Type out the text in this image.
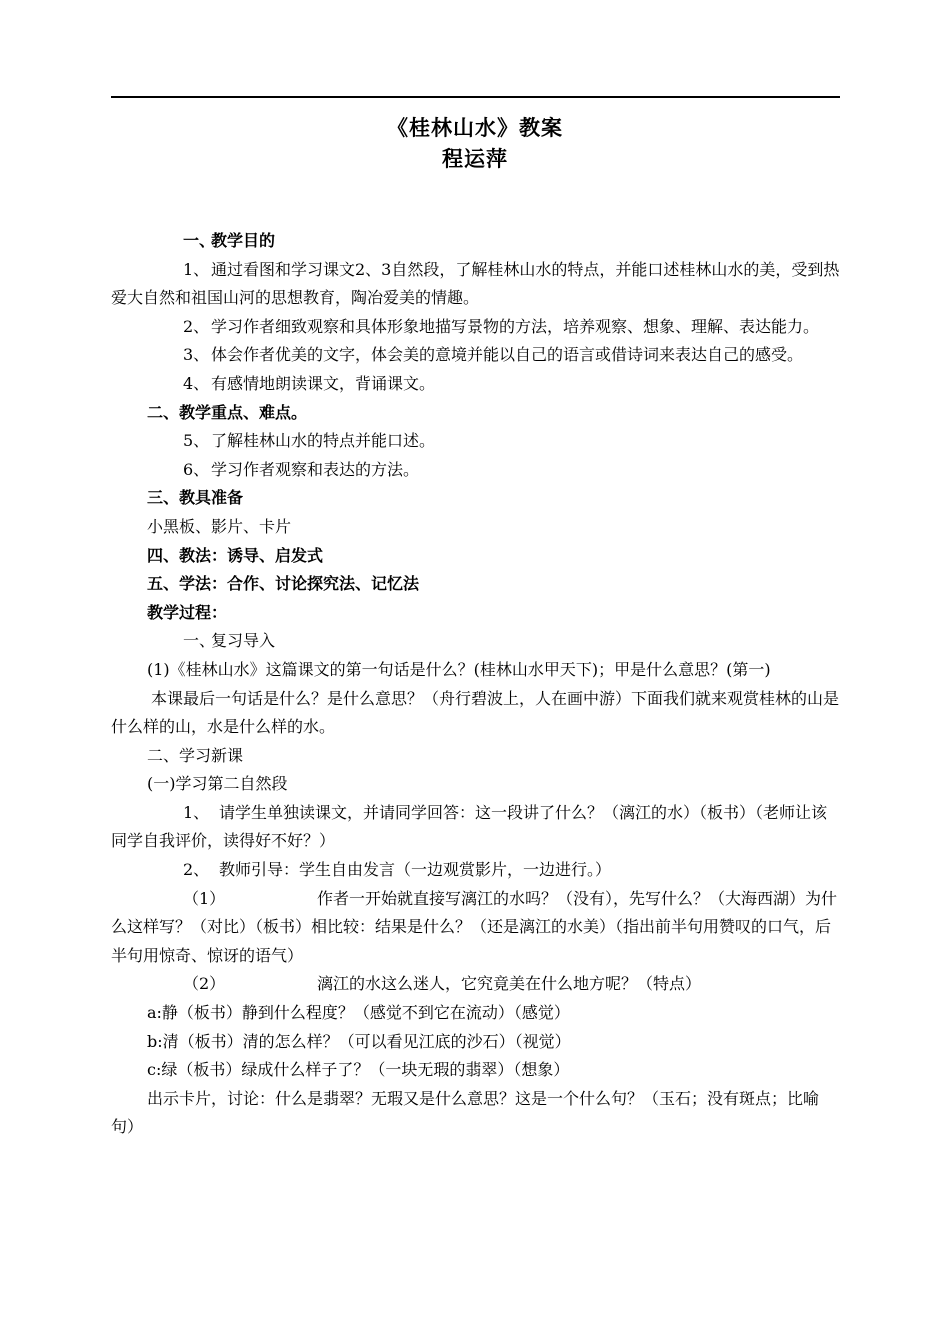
《桂林山水》教案
程运萍

一、教学目的

1、 通过看图和学习课文2、3自然段，了解桂林山水的特点，并能口述桂林山水的美，受到热爱大自然和祖国山河的思想教育，陶冶爱美的情趣。

2、 学习作者细致观察和具体形象地描写景物的方法，培养观察、想象、理解、表达能力。

3、 体会作者优美的文字，体会美的意境并能以自己的语言或借诗词来表达自己的感受。

4、 有感情地朗读课文，背诵课文。

二、教学重点、难点。

5、 了解桂林山水的特点并能口述。

6、 学习作者观察和表达的方法。

三、教具准备

小黑板、影片、卡片

四、教法：诱导、启发式

五、学法：合作、讨论探究法、记忆法

教学过程：

一、复习导入

(1)《桂林山水》这篇课文的第一句话是什么？(桂林山水甲天下)；甲是什么意思？(第一)

本课最后一句话是什么？是什么意思？（舟行碧波上，人在画中游）下面我们就来观赏桂林的山是什么样的山，水是什么样的水。

二、学习新课

(一)学习第二自然段

1、 请学生单独读课文，并请同学回答：这一段讲了什么？（漓江的水）（板书）（老师让该同学自我评价，读得好不好？）

2、 教师引导：学生自由发言（一边观赏影片，一边进行。）

（1）	作者一开始就直接写漓江的水吗？（没有），先写什么？（大海西湖）为什么这样写？（对比）（板书）相比较：结果是什么？（还是漓江的水美）（指出前半句用赞叹的口气，后半句用惊奇、惊讶的语气）

（2）	漓江的水这么迷人，它究竟美在什么地方呢？（特点）

a:静（板书）静到什么程度？（感觉不到它在流动）（感觉）

b:清（板书）清的怎么样？（可以看见江底的沙石）（视觉）

c:绿（板书）绿成什么样子了？（一块无瑕的翡翠）（想象）

出示卡片，讨论：什么是翡翠？无瑕又是什么意思？这是一个什么句？（玉石；没有斑点；比喻句）
